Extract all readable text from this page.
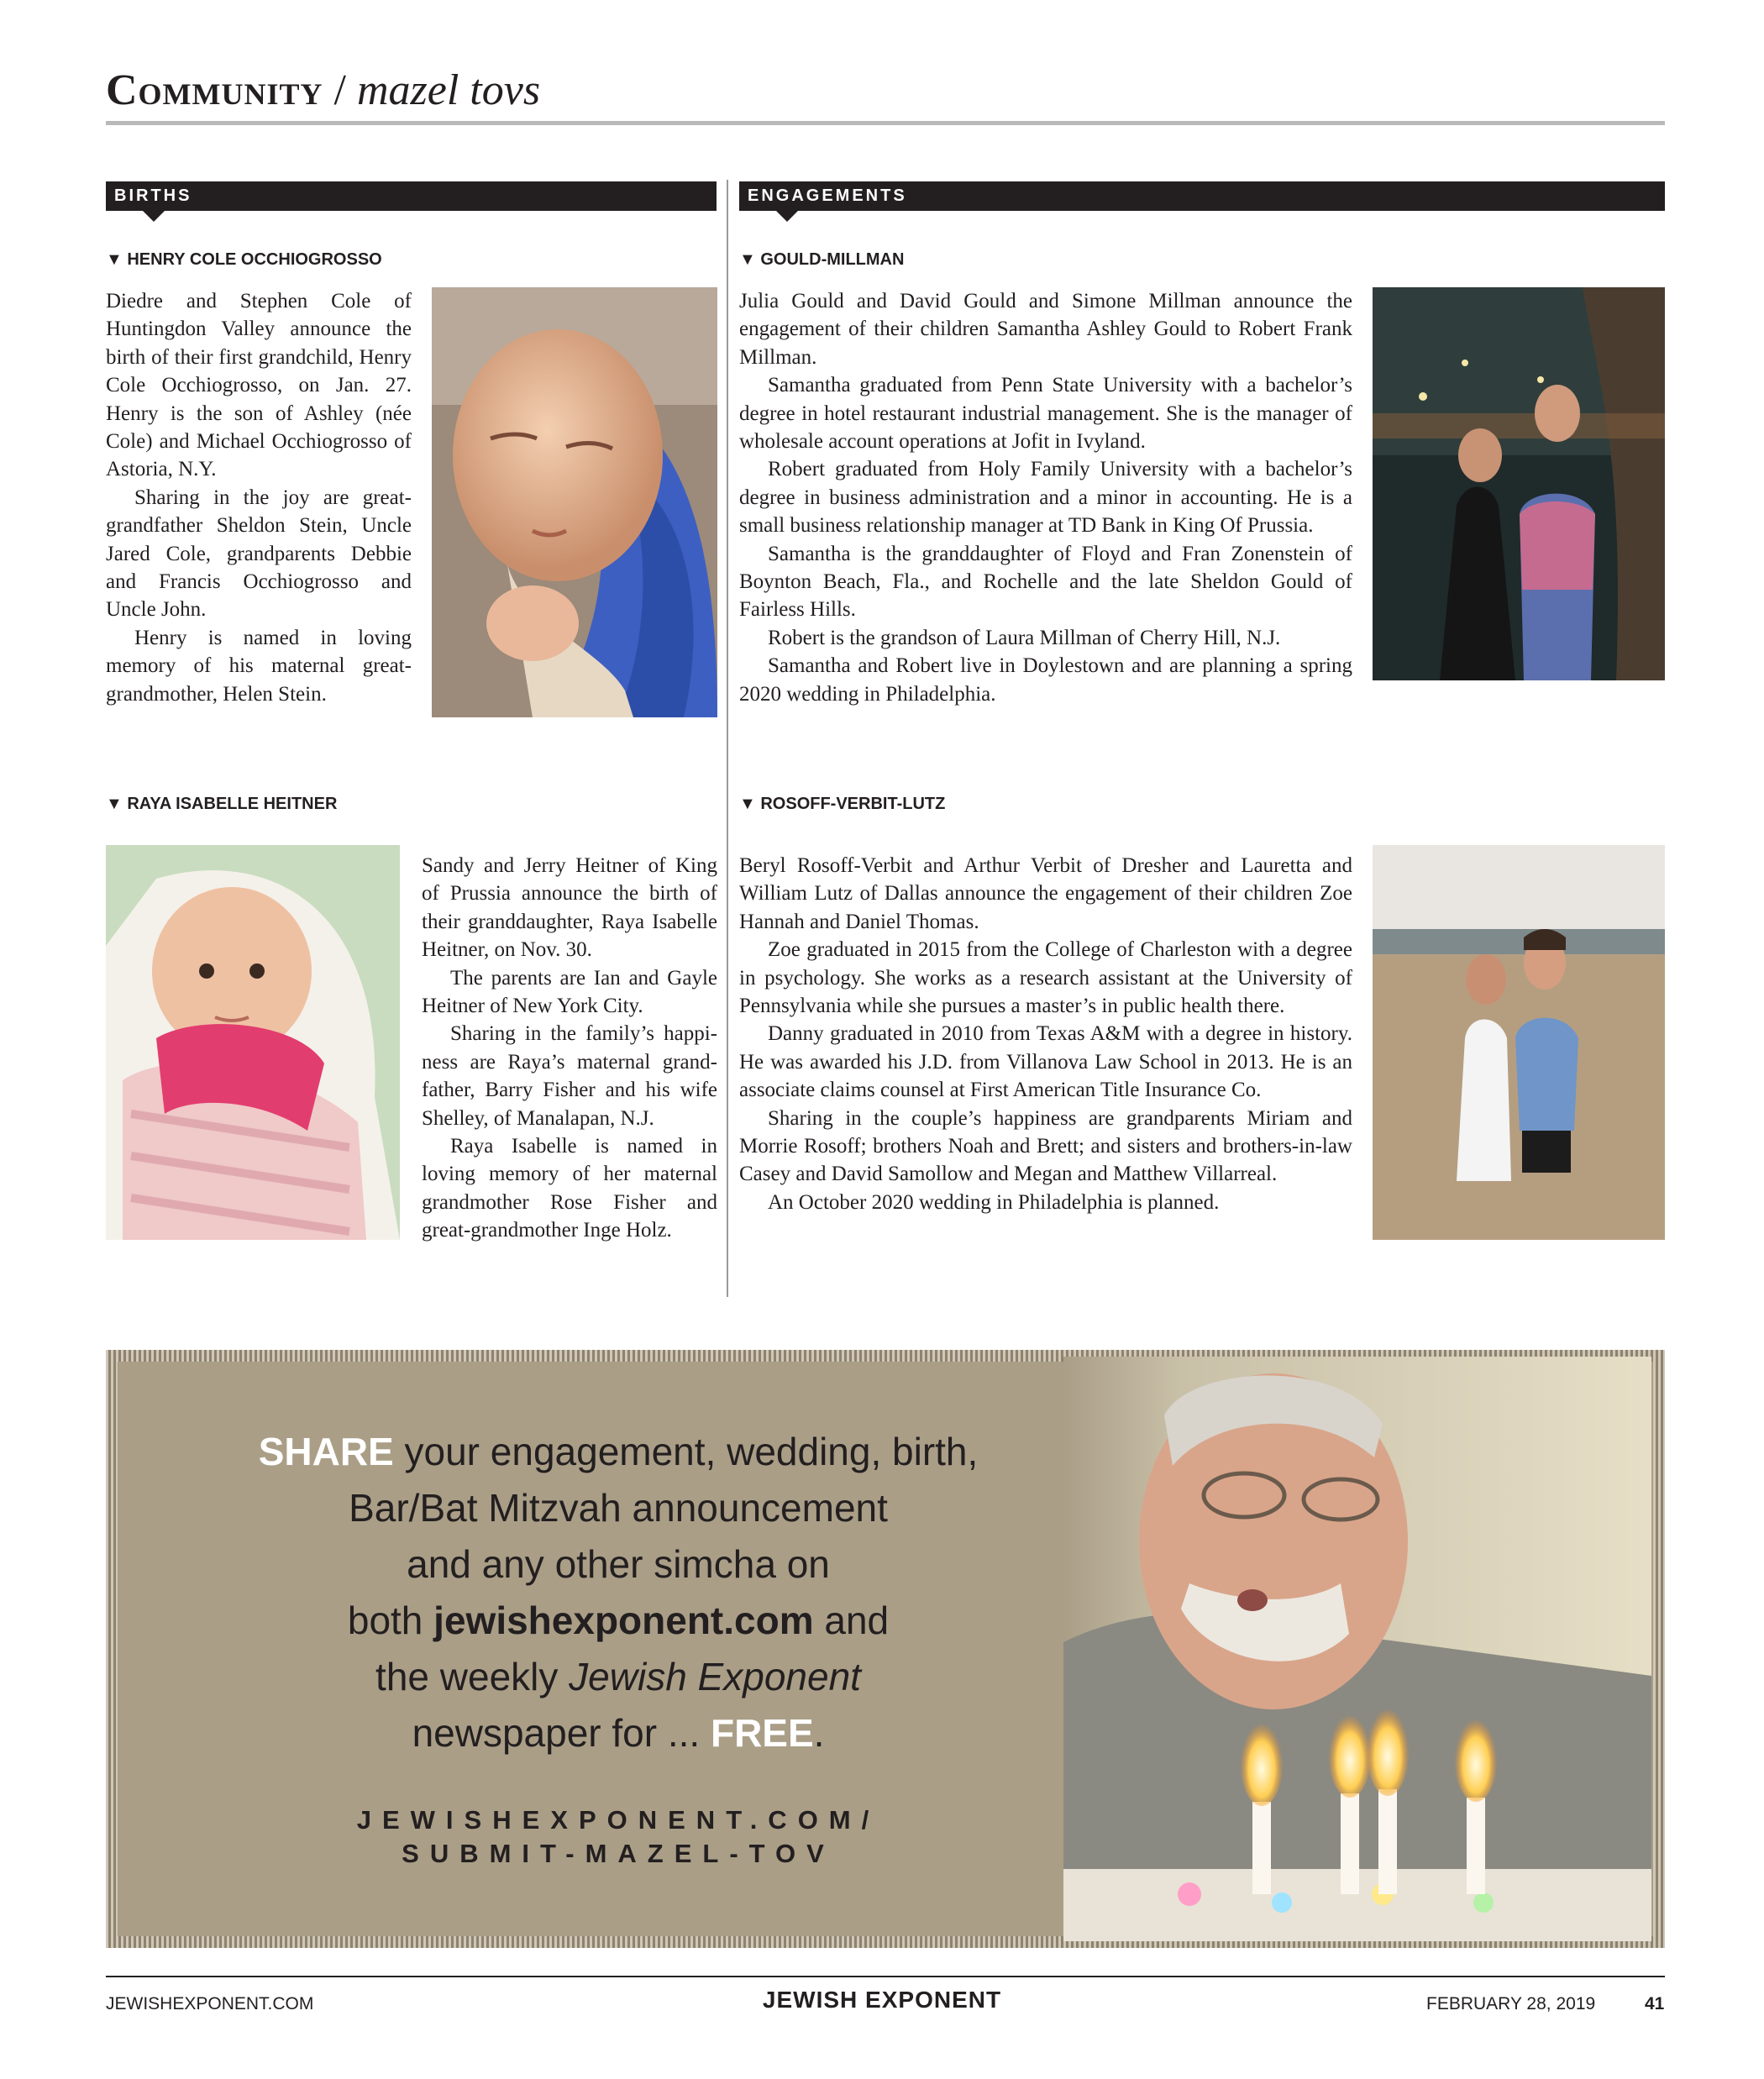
Community / mazel tovs
BIRTHS	ENGAGEMENTS
▼ HENRY COLE OCCHIOGROSSO

Diedre and Stephen Cole of Huntingdon Valley announce the birth of their first grandchild, Henry Cole Occhiogrosso, on Jan. 27. Henry is the son of Ashley (née Cole) and Michael Occhiogrosso of Astoria, N.Y.

Sharing in the joy are great-grandfather Sheldon Stein, Uncle Jared Cole, grandparents Debbie and Francis Occhiogrosso and Uncle John.

Henry is named in loving memory of his maternal great-grandmother, Helen Stein.

▼ RAYA ISABELLE HEITNER

Sandy and Jerry Heitner of King of Prussia announce the birth of their granddaughter, Raya Isabelle Heitner, on Nov. 30.

The parents are Ian and Gayle Heitner of New York City.

Sharing in the family’s happiness are Raya’s maternal grandfather, Barry Fisher and his wife Shelley, of Manalapan, N.J.

Raya Isabelle is named in loving memory of her maternal grandmother Rose Fisher and great-grandmother Inge Holz.

▼ GOULD-MILLMAN

Julia Gould and David Gould and Simone Millman announce the engagement of their children Samantha Ashley Gould to Robert Frank Millman.

Samantha graduated from Penn State University with a bachelor’s degree in hotel restaurant industrial management. She is the manager of wholesale account operations at Jofit in Ivyland.

Robert graduated from Holy Family University with a bachelor’s degree in business administration and a minor in accounting. He is a small business relationship manager at TD Bank in King Of Prussia.

Samantha is the granddaughter of Floyd and Fran Zonenstein of Boynton Beach, Fla., and Rochelle and the late Sheldon Gould of Fairless Hills.

Robert is the grandson of Laura Millman of Cherry Hill, N.J.

Samantha and Robert live in Doylestown and are planning a spring 2020 wedding in Philadelphia.

▼ ROSOFF-VERBIT-LUTZ

Beryl Rosoff-Verbit and Arthur Verbit of Dresher and Lauretta and William Lutz of Dallas announce the engagement of their children Zoe Hannah and Daniel Thomas.

Zoe graduated in 2015 from the College of Charleston with a degree in psychology. She works as a research assistant at the University of Pennsylvania while she pursues a master’s in public health there.

Danny graduated in 2010 from Texas A&M with a degree in history. He was awarded his J.D. from Villanova Law School in 2013. He is an associate claims counsel at First American Title Insurance Co.

Sharing in the couple’s happiness are grandparents Miriam and Morrie Rosoff; brothers Noah and Brett; and sisters and brothers-in-law Casey and David Samollow and Megan and Matthew Villarreal.

An October 2020 wedding in Philadelphia is planned.

SHARE your engagement, wedding, birth,
Bar/Bat Mitzvah announcement
and any other simcha on
both jewishexponent.com and
the weekly Jewish Exponent
newspaper for ... FREE.
JEWISHEXPONENT.COM/
SUBMIT-MAZEL-TOV
JEWISHEXPONENT.COM	JEWISH EXPONENT	FEBRUARY 28, 2019	41
